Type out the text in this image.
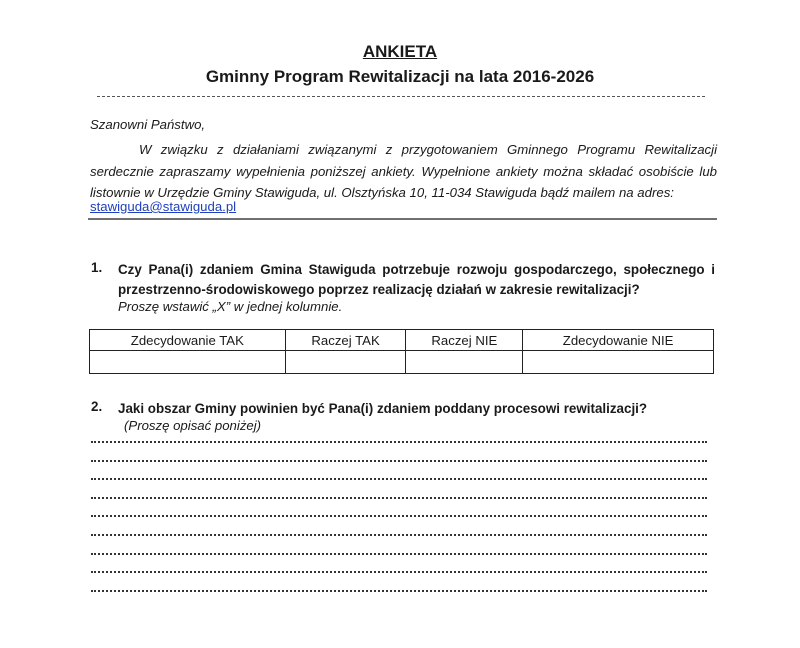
ANKIETA
Gminny Program Rewitalizacji na lata 2016-2026
Szanowni Państwo,
W związku z działaniami związanymi z przygotowaniem Gminnego Programu Rewitalizacji serdecznie zapraszamy wypełnienia poniższej ankiety. Wypełnione ankiety można składać osobiście lub listownie w Urzędzie Gminy Stawiguda, ul. Olsztyńska 10, 11-034 Stawiguda bądź mailem na adres:
stawiguda@stawiguda.pl
1. Czy Pana(i) zdaniem Gmina Stawiguda potrzebuje rozwoju gospodarczego, społecznego i przestrzenno-środowiskowego poprzez realizację działań w zakresie rewitalizacji?
Proszę wstawić „X” w jednej kolumnie.
Zdecydowanie TAK	Raczej TAK	Raczej NIE	Zdecydowanie NIE

2. Jaki obszar Gminy powinien być Pana(i) zdaniem poddany procesowi rewitalizacji?
(Proszę opisać poniżej)
